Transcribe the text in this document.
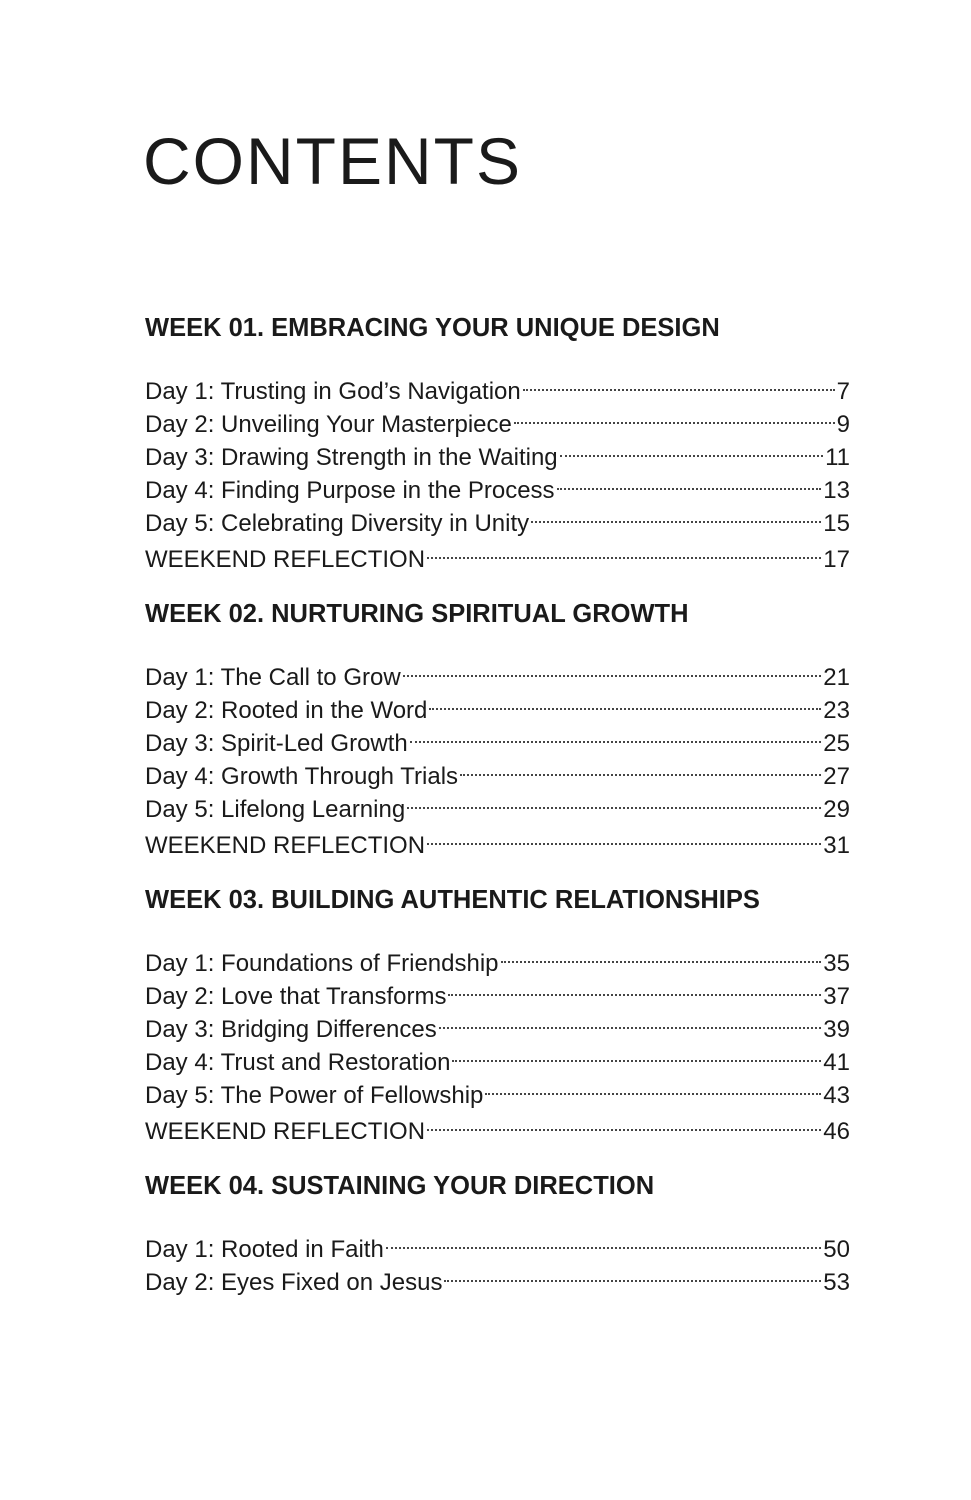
CONTENTS
WEEK 01. EMBRACING YOUR UNIQUE DESIGN
Day 1: Trusting in God’s Navigation	7
Day 2: Unveiling Your Masterpiece	9
Day 3: Drawing Strength in the Waiting	11
Day 4: Finding Purpose in the Process	13
Day 5: Celebrating Diversity in Unity	15
WEEKEND REFLECTION	17
WEEK 02. NURTURING SPIRITUAL GROWTH
Day 1: The Call to Grow	21
Day 2: Rooted in the Word	23
Day 3: Spirit-Led Growth	25
Day 4: Growth Through Trials	27
Day 5: Lifelong Learning	29
WEEKEND REFLECTION	31
WEEK 03. BUILDING AUTHENTIC RELATIONSHIPS
Day 1: Foundations of Friendship	35
Day 2: Love that Transforms	37
Day 3: Bridging Differences	39
Day 4: Trust and Restoration	41
Day 5: The Power of Fellowship	43
WEEKEND REFLECTION	46
WEEK 04. SUSTAINING YOUR DIRECTION
Day 1: Rooted in Faith	50
Day 2: Eyes Fixed on Jesus	53
